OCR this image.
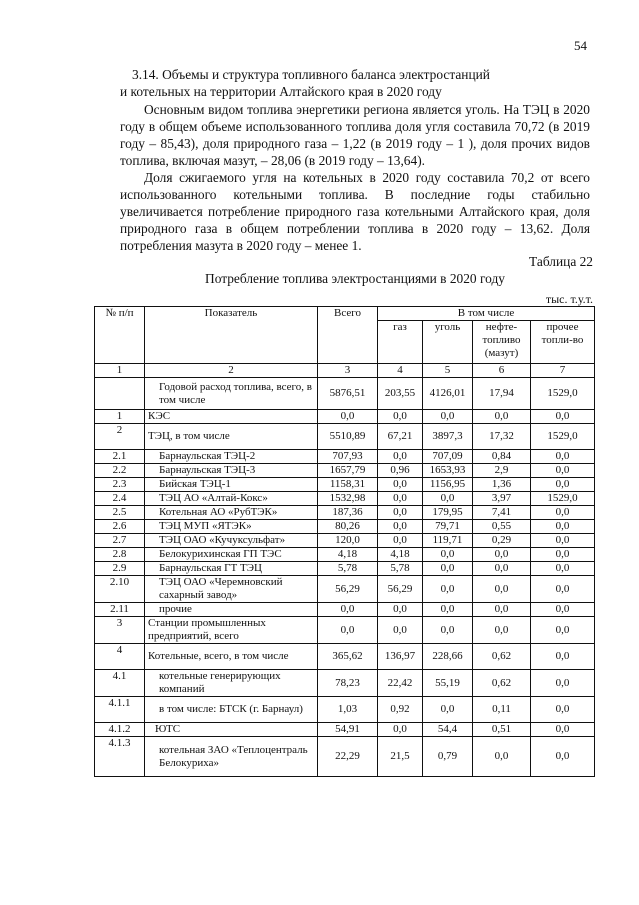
54
3.14. Объемы и структура топливного баланса электростанций
и котельных на территории Алтайского края в 2020 году
Основным видом топлива энергетики региона является уголь. На ТЭЦ в 2020 году в общем объеме использованного топлива доля угля составила 70,72 (в 2019 году – 85,43), доля природного газа – 1,22 (в 2019 году – 1 ), доля прочих видов топлива, включая мазут, – 28,06 (в 2019 году – 13,64).
Доля сжигаемого угля на котельных в 2020 году составила 70,2 от всего использованного котельными топлива. В последние годы стабильно увеличивается потребление природного газа котельными Алтайского края, доля природного газа в общем потреблении топлива в 2020 году – 13,62. Доля потребления мазута в 2020 году – менее 1.
Таблица 22
Потребление топлива электростанциями в 2020 году
тыс. т.у.т.
№ п/п	Показатель	Всего	В том числе			
			газ	уголь	нефте-топливо (мазут)	прочее топли-во
1	2	3	4	5	6	7
	Годовой расход топлива, всего, в том числе	5876,51	203,55	4126,01	17,94	1529,0
1	КЭС	0,0	0,0	0,0	0,0	0,0
2	ТЭЦ, в том числе	5510,89	67,21	3897,3	17,32	1529,0
2.1	Барнаульская ТЭЦ-2	707,93	0,0	707,09	0,84	0,0
2.2	Барнаульская ТЭЦ-3	1657,79	0,96	1653,93	2,9	0,0
2.3	Бийская ТЭЦ-1	1158,31	0,0	1156,95	1,36	0,0
2.4	ТЭЦ АО «Алтай-Кокс»	1532,98	0,0	0,0	3,97	1529,0
2.5	Котельная АО «РубТЭК»	187,36	0,0	179,95	7,41	0,0
2.6	ТЭЦ МУП «ЯТЭК»	80,26	0,0	79,71	0,55	0,0
2.7	ТЭЦ ОАО «Кучуксульфат»	120,0	0,0	119,71	0,29	0,0
2.8	Белокурихинская ГП ТЭС	4,18	4,18	0,0	0,0	0,0
2.9	Барнаульская ГТ ТЭЦ	5,78	5,78	0,0	0,0	0,0
2.10	ТЭЦ ОАО «Черемновский сахарный завод»	56,29	56,29	0,0	0,0	0,0
2.11	прочие	0,0	0,0	0,0	0,0	0,0
3	Станции промышленных предприятий, всего	0,0	0,0	0,0	0,0	0,0
4	Котельные, всего, в том числе	365,62	136,97	228,66	0,62	0,0
4.1	котельные генерирующих компаний	78,23	22,42	55,19	0,62	0,0
4.1.1	в том числе: БТСК (г. Барнаул)	1,03	0,92	0,0	0,11	0,0
4.1.2	ЮТС	54,91	0,0	54,4	0,51	0,0
4.1.3	котельная ЗАО «Теплоцентраль Белокуриха»	22,29	21,5	0,79	0,0	0,0
